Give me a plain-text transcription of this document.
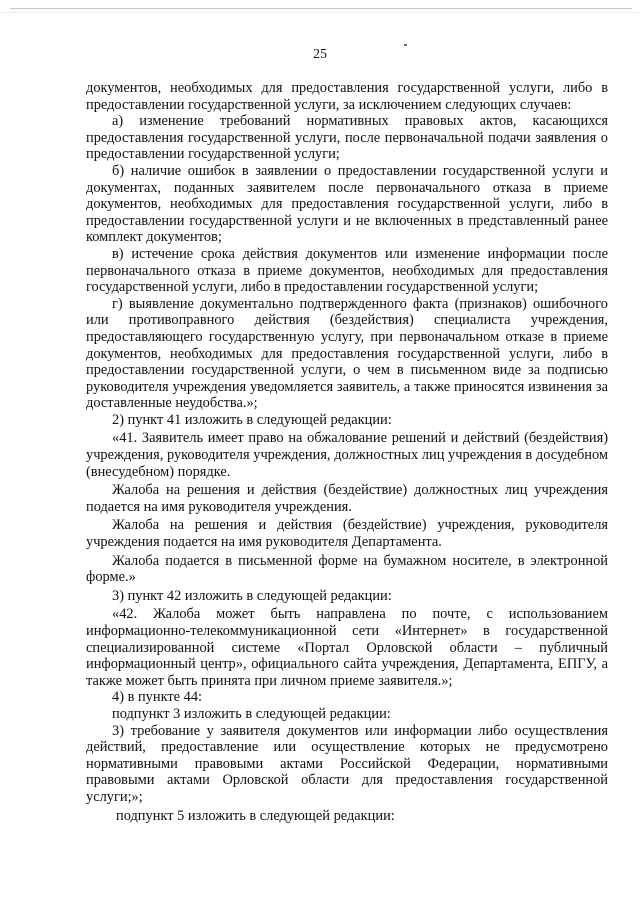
25

документов, необходимых для предоставления государственной услуги, либо в предоставлении государственной услуги, за исключением следующих случаев:

а) изменение требований нормативных правовых актов, касающихся предоставления государственной услуги, после первоначальной подачи заявления о предоставлении государственной услуги;

б) наличие ошибок в заявлении о предоставлении государственной услуги и документах, поданных заявителем после первоначального отказа в приеме документов, необходимых для предоставления государственной услуги, либо в предоставлении государственной услуги и не включенных в представленный ранее комплект документов;

в) истечение срока действия документов или изменение информации после первоначального отказа в приеме документов, необходимых для предоставления государственной услуги, либо в предоставлении государственной услуги;

г) выявление документально подтвержденного факта (признаков) ошибочного или противоправного действия (бездействия) специалиста учреждения, предоставляющего государственную услугу, при первоначальном отказе в приеме документов, необходимых для предоставления государственной услуги, либо в предоставлении государственной услуги, о чем в письменном виде за подписью руководителя учреждения уведомляется заявитель, а также приносятся извинения за доставленные неудобства.»;

2) пункт 41 изложить в следующей редакции:

«41. Заявитель имеет право на обжалование решений и действий (бездействия) учреждения, руководителя учреждения, должностных лиц учреждения в досудебном (внесудебном) порядке.

Жалоба на решения и действия (бездействие) должностных лиц учреждения подается на имя руководителя учреждения.

Жалоба на решения и действия (бездействие) учреждения, руководителя учреждения подается на имя руководителя Департамента.

Жалоба подается в письменной форме на бумажном носителе, в электронной форме.»

3) пункт 42 изложить в следующей редакции:

«42. Жалоба может быть направлена по почте, с использованием информационно-телекоммуникационной сети «Интернет» в государственной специализированной системе «Портал Орловской области – публичный информационный центр», официального сайта учреждения, Департамента, ЕПГУ, а также может быть принята при личном приеме заявителя.»;

4) в пункте 44:

подпункт 3 изложить в следующей редакции:

3) требование у заявителя документов или информации либо осуществления действий, предоставление или осуществление которых не предусмотрено нормативными правовыми актами Российской Федерации, нормативными правовыми актами Орловской области для предоставления государственной услуги;»;

подпункт 5 изложить в следующей редакции:
